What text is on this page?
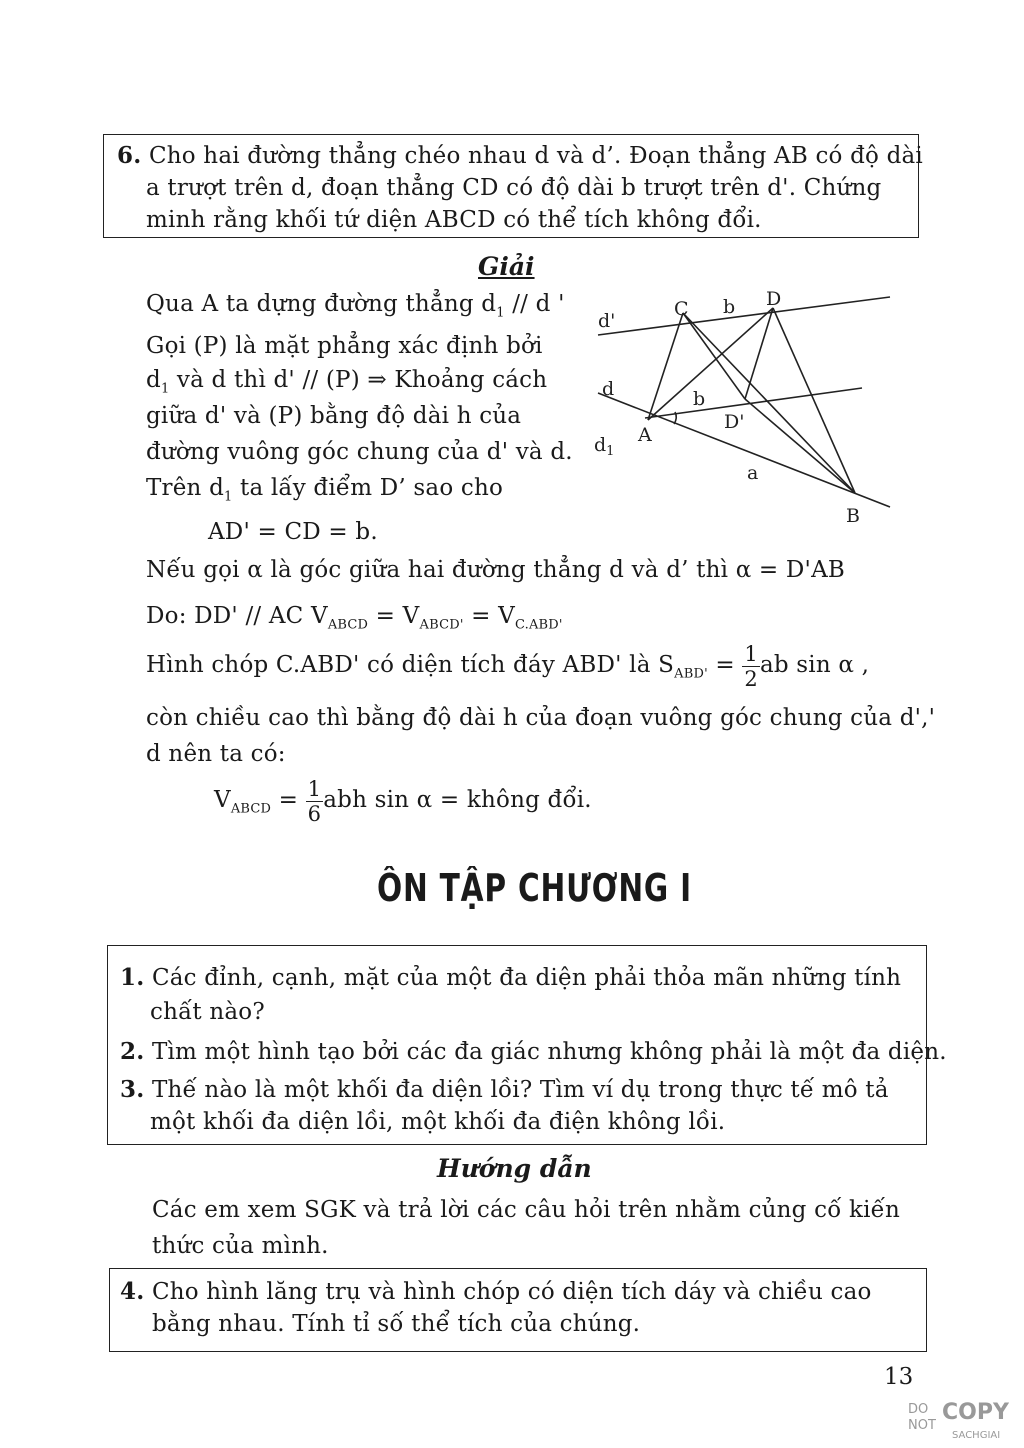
6. Cho hai đường thẳng chéo nhau d và d’. Đoạn thẳng AB có độ dài
a trượt trên d, đoạn thẳng CD có độ dài b trượt trên d'. Chứng
minh rằng khối tứ diện ABCD có thể tích không đổi.
Giải
Qua A ta dựng đường thẳng $d_1$ // d '
Gọi (P) là mặt phẳng xác định bởi
$d_1$ và d thì d' // (P) ⇒ Khoảng cách
giữa d' và (P) bằng độ dài h của
đường vuông góc chung của d' và d.
Trên $d_1$ ta lấy điểm D’ sao cho
AD' = CD = b.
d'
C b D
d	b
D'
A
$d_1$
a
B
Nếu gọi α là góc giữa hai đường thẳng d và d’ thì α = D'AB
Do: DD' // AC $V_{ABCD} = V_{ABCD'} = V_{C.ABD'}$
Hình chóp C.ABD' có diện tích đáy ABD' là $S_{ABD'} = \frac{1}{2}$ ab sin α ,
còn chiều cao thì bằng độ dài h của đoạn vuông góc chung của d','
d nên ta có:
$V_{ABCD} = \frac{1}{6}$ abh sin α = không đổi.
ÔN TẬP CHƯƠNG I
1. Các đỉnh, cạnh, mặt của một đa diện phải thỏa mãn những tính
chất nào?
2. Tìm một hình tạo bởi các đa giác nhưng không phải là một đa diện.
3. Thế nào là một khối đa diện lồi? Tìm ví dụ trong thực tế mô tả
một khối đa diện lồi, một khối đa điện không lồi.
Hướng dẫn
Các em xem SGK và trả lời các câu hỏi trên nhằm củng cố kiến
thức của mình.
4. Cho hình lăng trụ và hình chóp có diện tích dáy và chiều cao
bằng nhau. Tính tỉ số thể tích của chúng.
13
DO
NOT
COPY
SACHGIAI
